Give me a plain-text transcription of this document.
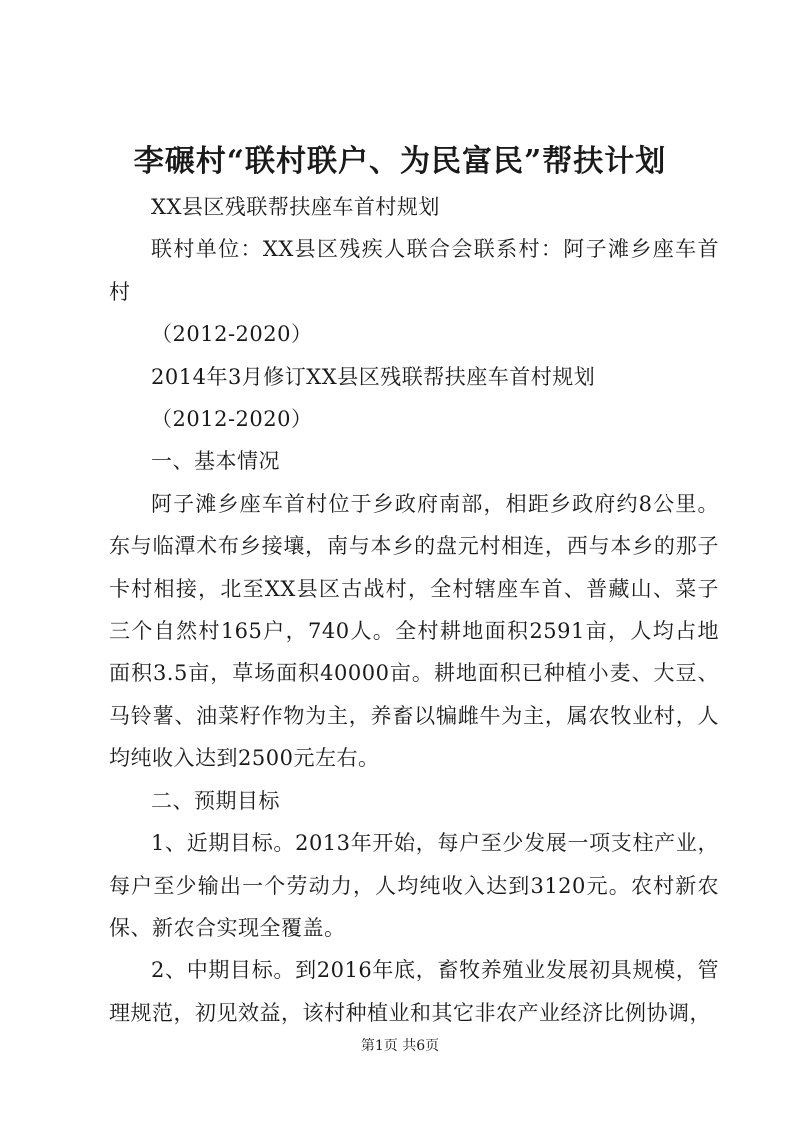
李碾村“联村联户、为民富民”帮扶计划

XX县区残联帮扶座车首村规划

联村单位：XX县区残疾人联合会联系村：阿子滩乡座车首村

（2012-2020）

2014年3月修订XX县区残联帮扶座车首村规划

（2012-2020）

一、基本情况

阿子滩乡座车首村位于乡政府南部，相距乡政府约8公里。东与临潭术布乡接壤，南与本乡的盘元村相连，西与本乡的那子卡村相接，北至XX县区古战村，全村辖座车首、普藏山、菜子三个自然村165户，740人。全村耕地面积2591亩，人均占地面积3.5亩，草场面积40000亩。耕地面积已种植小麦、大豆、马铃薯、油菜籽作物为主，养畜以犏雌牛为主，属农牧业村，人均纯收入达到2500元左右。

二、预期目标

1、近期目标。2013年开始，每户至少发展一项支柱产业，每户至少输出一个劳动力，人均纯收入达到3120元。农村新农保、新农合实现全覆盖。

2、中期目标。到2016年底，畜牧养殖业发展初具规模，管理规范，初见效益，该村种植业和其它非农产业经济比例协调，

第1页 共6页
